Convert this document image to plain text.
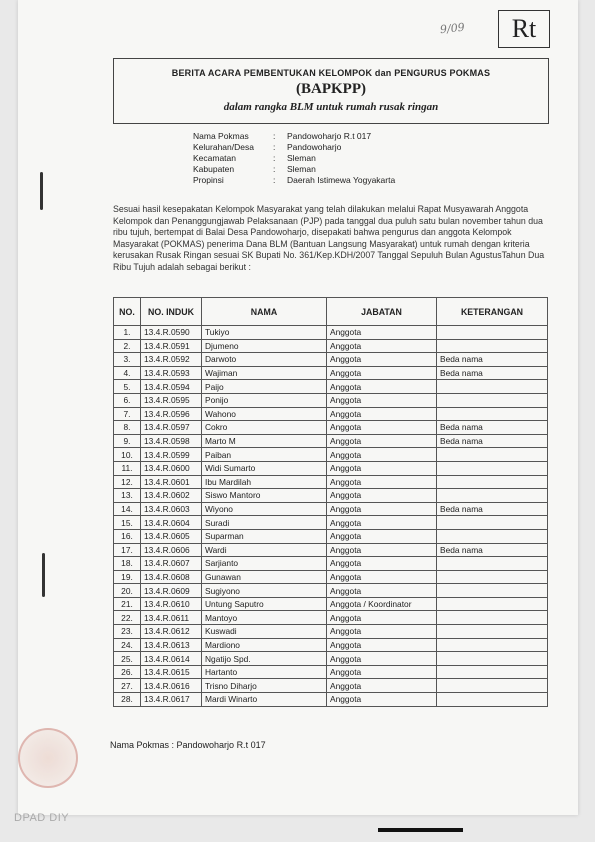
9/09	Rt
BERITA ACARA PEMBENTUKAN KELOMPOK dan PENGURUS POKMAS
(BAPKPP)
dalam rangka BLM untuk rumah rusak ringan
Nama Pokmas	:	Pandowoharjo R.t 017
Kelurahan/Desa	:	Pandowoharjo
Kecamatan	:	Sleman
Kabupaten	:	Sleman
Propinsi	:	Daerah Istimewa Yogyakarta
Sesuai hasil kesepakatan Kelompok Masyarakat yang telah dilakukan melalui Rapat Musyawarah Anggota Kelompok dan Penanggungjawab Pelaksanaan (PJP) pada tanggal dua puluh satu bulan november tahun dua ribu tujuh, bertempat di Balai Desa Pandowoharjo, disepakati bahwa pengurus dan anggota Kelompok Masyarakat (POKMAS) penerima Dana BLM (Bantuan Langsung Masyarakat) untuk rumah dengan kriteria kerusakan Rusak Ringan sesuai SK Bupati No. 361/Kep.KDH/2007 Tanggal Sepuluh Bulan AgustusTahun Dua Ribu Tujuh adalah sebagai berikut :
NO.	NO. INDUK	NAMA	JABATAN	KETERANGAN
1.	13.4.R.0590	Tukiyo	Anggota	
2.	13.4.R.0591	Djumeno	Anggota	
3.	13.4.R.0592	Darwoto	Anggota	Beda nama
4.	13.4.R.0593	Wajiman	Anggota	Beda nama
5.	13.4.R.0594	Paijo	Anggota	
6.	13.4.R.0595	Ponijo	Anggota	
7.	13.4.R.0596	Wahono	Anggota	
8.	13.4.R.0597	Cokro	Anggota	Beda nama
9.	13.4.R.0598	Marto M	Anggota	Beda nama
10.	13.4.R.0599	Paiban	Anggota	
11.	13.4.R.0600	Widi Sumarto	Anggota	
12.	13.4.R.0601	Ibu Mardilah	Anggota	
13.	13.4.R.0602	Siswo Mantoro	Anggota	
14.	13.4.R.0603	Wiyono	Anggota	Beda nama
15.	13.4.R.0604	Suradi	Anggota	
16.	13.4.R.0605	Suparman	Anggota	
17.	13.4.R.0606	Wardi	Anggota	Beda nama
18.	13.4.R.0607	Sarjianto	Anggota	
19.	13.4.R.0608	Gunawan	Anggota	
20.	13.4.R.0609	Sugiyono	Anggota	
21.	13.4.R.0610	Untung Saputro	Anggota / Koordinator	
22.	13.4.R.0611	Mantoyo	Anggota	
23.	13.4.R.0612	Kuswadi	Anggota	
24.	13.4.R.0613	Mardiono	Anggota	
25.	13.4.R.0614	Ngatijo Spd.	Anggota	
26.	13.4.R.0615	Hartanto	Anggota	
27.	13.4.R.0616	Trisno Diharjo	Anggota	
28.	13.4.R.0617	Mardi Winarto	Anggota	
Nama Pokmas : Pandowoharjo R.t 017
DPAD DIY
